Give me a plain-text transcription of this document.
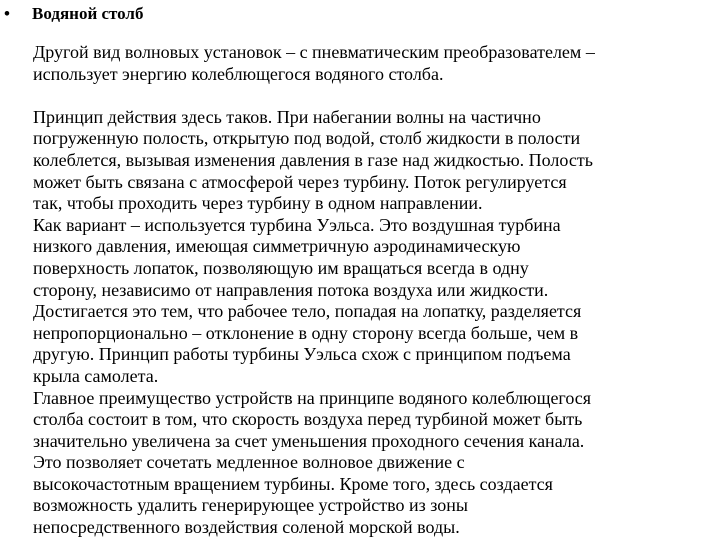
• Водяной столб

Другой вид волновых установок – с пневматическим преобразователем –
использует энергию колеблющегося водяного столба.

Принцип действия здесь таков. При набегании волны на частично
погруженную полость, открытую под водой, столб жидкости в полости
колеблется, вызывая изменения давления в газе над жидкостью. Полость
может быть связана с атмосферой через турбину. Поток регулируется
так, чтобы проходить через турбину в одном направлении.
Как вариант – используется турбина Уэльса. Это воздушная турбина
низкого давления, имеющая симметричную аэродинамическую
поверхность лопаток, позволяющую им вращаться всегда в одну
сторону, независимо от направления потока воздуха или жидкости.
Достигается это тем, что рабочее тело, попадая на лопатку, разделяется
непропорционально – отклонение в одну сторону всегда больше, чем в
другую. Принцип работы турбины Уэльса схож с принципом подъема
крыла самолета.
Главное преимущество устройств на принципе водяного колеблющегося
столба состоит в том, что скорость воздуха перед турбиной может быть
значительно увеличена за счет уменьшения проходного сечения канала.
Это позволяет сочетать медленное волновое движение с
высокочастотным вращением турбины. Кроме того, здесь создается
возможность удалить генерирующее устройство из зоны
непосредственного воздействия соленой морской воды.
